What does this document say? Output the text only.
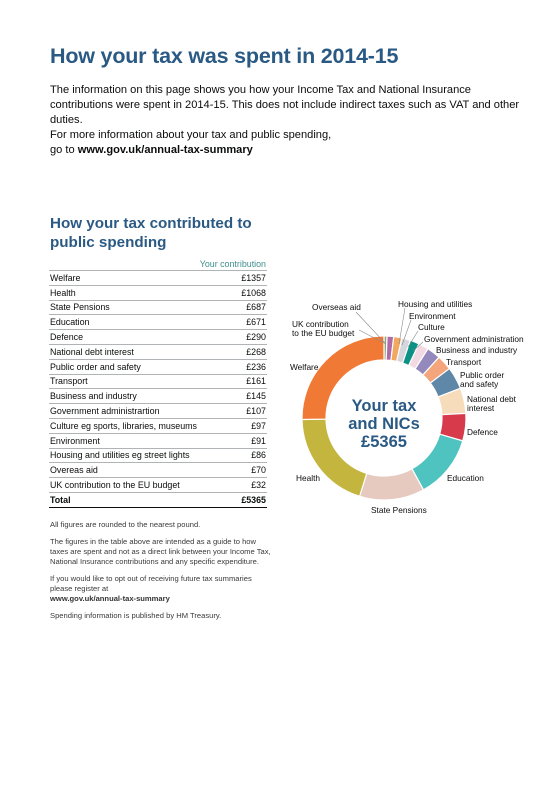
How your tax was spent in 2014-15

The information on this page shows you how your Income Tax and National Insurance contributions were spent in 2014-15. This does not include indirect taxes such as VAT and other duties.

For more information about your tax and public spending,
go to www.gov.uk/annual-tax-summary

How your tax contributed to public spending
	Your contribution
Welfare	£1357
Health	£1068
State Pensions	£687
Education	£671
Defence	£290
National debt interest	£268
Public order and safety	£236
Transport	£161
Business and industry	£145
Government administrartion	£107
Culture eg sports, libraries, museums	£97
Environment	£91
Housing and utilities eg street lights	£86
Overeas aid	£70
UK contribution to the EU budget	£32
Total	£5365

All figures are rounded to the nearest pound.

The figures in the table above are intended as a guide to how taxes are spent and not as a direct link between your Income Tax, National Insurance contributions and any specific expenditure.

If you would like to opt out of receiving future tax summaries please register at
www.gov.uk/annual-tax-summary

Spending information is published by HM Treasury.

Overseas aid	Housing and utilities
Environment
UK contribution
to the EU budget
Culture
Government administration
Business and industry
Welfare	Transport
Public order
and safety
National debt
interest
Defence
Health	Education
State Pensions
Your tax
and NICs
£5365
